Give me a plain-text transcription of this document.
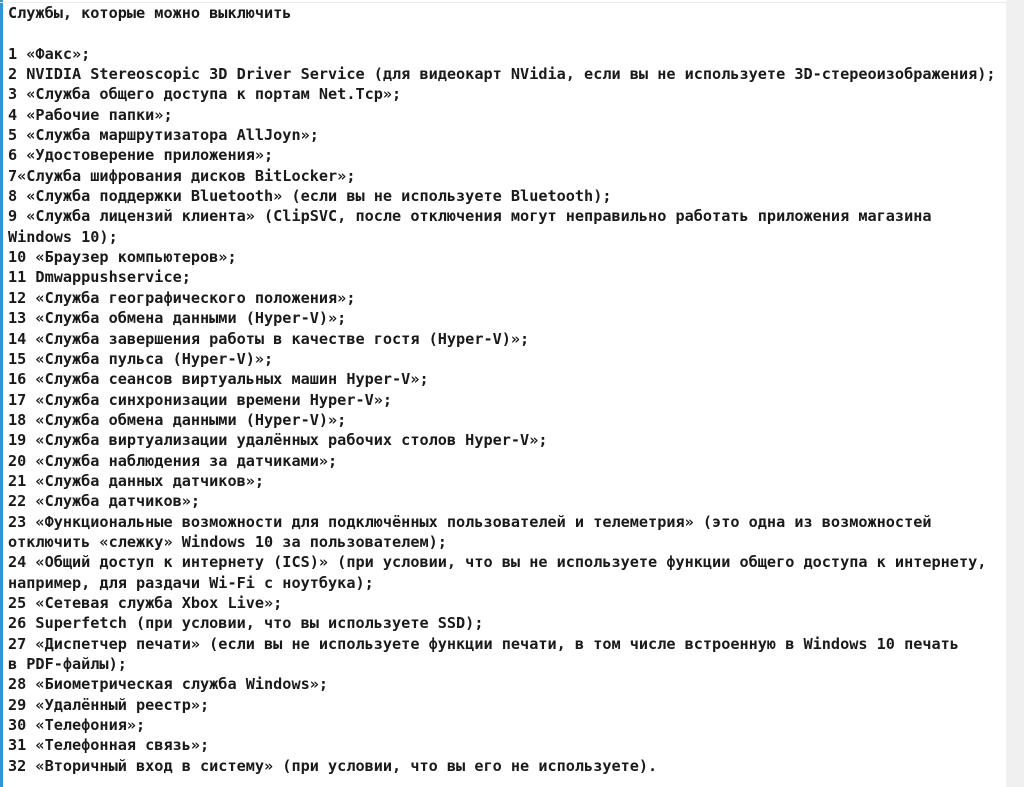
Службы, которые можно выключить
1 «Факс»;
2 NVIDIA Stereoscopic 3D Driver Service (для видеокарт NVidia, если вы не используете 3D-стереоизображения);
3 «Служба общего доступа к портам Net.Tcp»;
4 «Рабочие папки»;
5 «Служба маршрутизатора AllJoyn»;
6 «Удостоверение приложения»;
7«Служба шифрования дисков BitLocker»;
8 «Служба поддержки Bluetooth» (если вы не используете Bluetooth);
9 «Служба лицензий клиента» (ClipSVC, после отключения могут неправильно работать приложения магазина Windows 10);
10 «Браузер компьютеров»;
11 Dmwappushservice;
12 «Служба географического положения»;
13 «Служба обмена данными (Hyper-V)»;
14 «Служба завершения работы в качестве гостя (Hyper-V)»;
15 «Служба пульса (Hyper-V)»;
16 «Служба сеансов виртуальных машин Hyper-V»;
17 «Служба синхронизации времени Hyper-V»;
18 «Служба обмена данными (Hyper-V)»;
19 «Служба виртуализации удалённых рабочих столов Hyper-V»;
20 «Служба наблюдения за датчиками»;
21 «Служба данных датчиков»;
22 «Служба датчиков»;
23 «Функциональные возможности для подключённых пользователей и телеметрия» (это одна из возможностей отключить «слежку» Windows 10 за пользователем);
24 «Общий доступ к интернету (ICS)» (при условии, что вы не используете функции общего доступа к интернету, например, для раздачи Wi-Fi с ноутбука);
25 «Сетевая служба Xbox Live»;
26 Superfetch (при условии, что вы используете SSD);
27 «Диспетчер печати» (если вы не используете функции печати, в том числе встроенную в Windows 10 печать в PDF-файлы);
28 «Биометрическая служба Windows»;
29 «Удалённый реестр»;
30 «Телефония»;
31 «Телефонная связь»;
32 «Вторичный вход в систему» (при условии, что вы его не используете).
